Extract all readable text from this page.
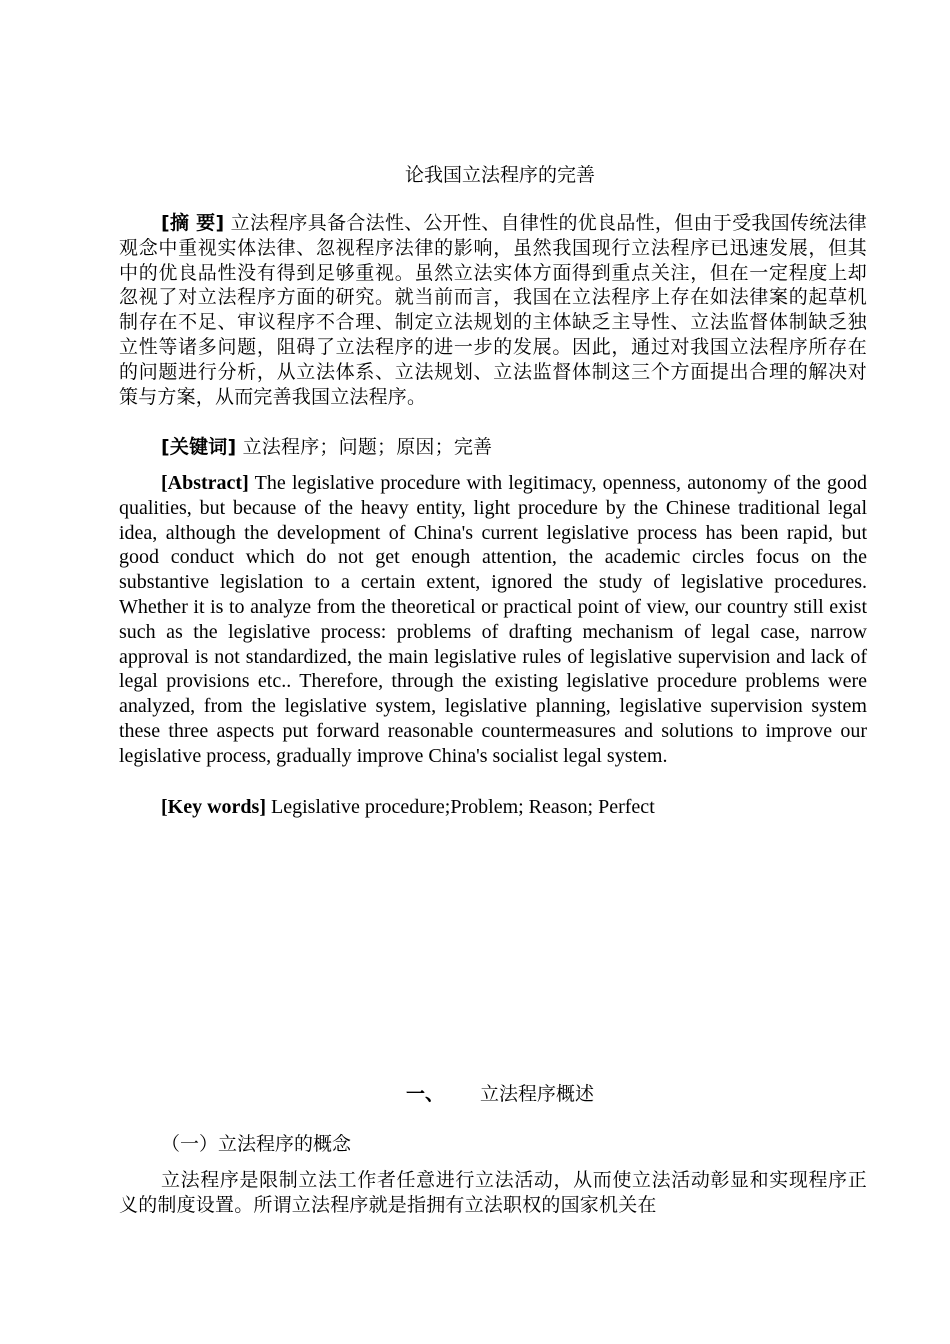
论我国立法程序的完善
[摘 要] 立法程序具备合法性、公开性、自律性的优良品性，但由于受我国传统法律观念中重视实体法律、忽视程序法律的影响，虽然我国现行立法程序已迅速发展，但其中的优良品性没有得到足够重视。虽然立法实体方面得到重点关注，但在一定程度上却忽视了对立法程序方面的研究。就当前而言，我国在立法程序上存在如法律案的起草机制存在不足、审议程序不合理、制定立法规划的主体缺乏主导性、立法监督体制缺乏独立性等诸多问题，阻碍了立法程序的进一步的发展。因此，通过对我国立法程序所存在的问题进行分析，从立法体系、立法规划、立法监督体制这三个方面提出合理的解决对策与方案，从而完善我国立法程序。
[关键词] 立法程序；问题；原因；完善
[Abstract] The legislative procedure with legitimacy, openness, autonomy of the good qualities, but because of the heavy entity, light procedure by the Chinese traditional legal idea, although the development of China's current legislative process has been rapid, but good conduct which do not get enough attention, the academic circles focus on the substantive legislation to a certain extent, ignored the study of legislative procedures. Whether it is to analyze from the theoretical or practical point of view, our country still exist such as the legislative process: problems of drafting mechanism of legal case, narrow approval is not standardized, the main legislative rules of legislative supervision and lack of legal provisions etc.. Therefore, through the existing legislative procedure problems were analyzed, from the legislative system, legislative planning, legislative supervision system these three aspects put forward reasonable countermeasures and solutions to improve our legislative process, gradually improve China's socialist legal system.
[Key words] Legislative procedure;Problem; Reason; Perfect
一、 立法程序概述
（一）立法程序的概念
立法程序是限制立法工作者任意进行立法活动，从而使立法活动彰显和实现程序正义的制度设置。所谓立法程序就是指拥有立法职权的国家机关在
